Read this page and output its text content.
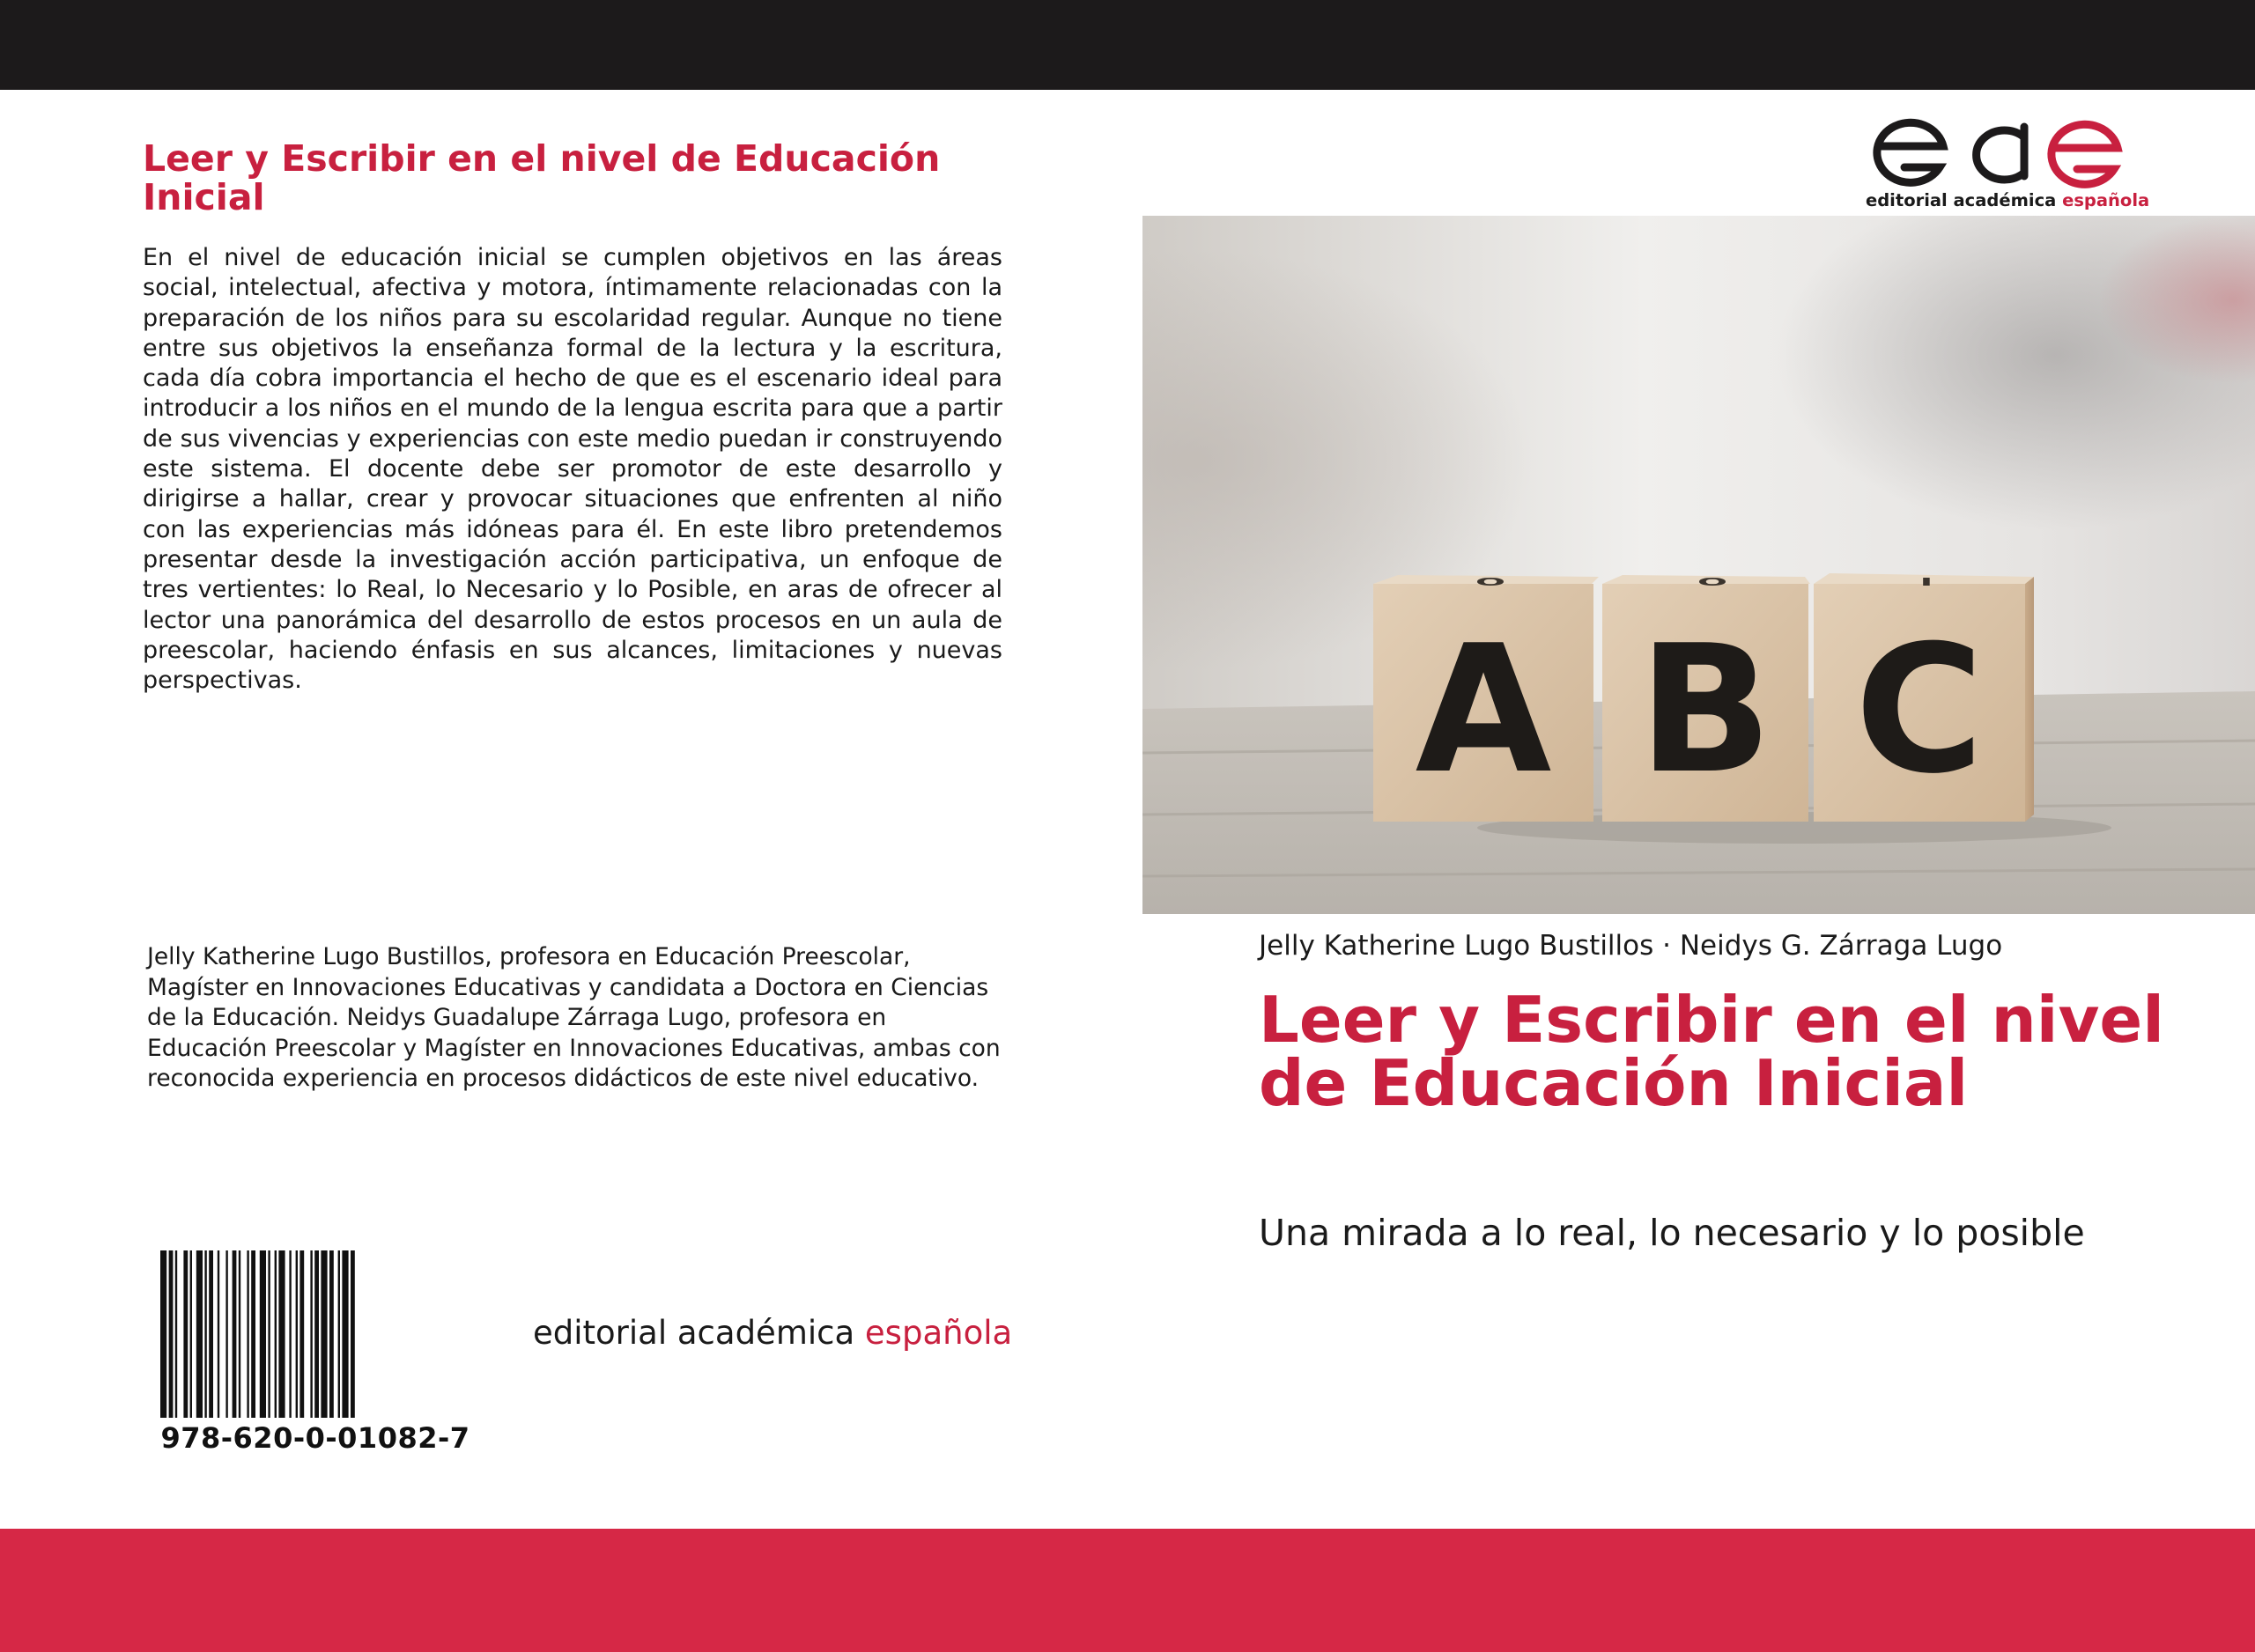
Leer y Escribir en el nivel de Educación Inicial

En el nivel de educación inicial se cumplen objetivos en las áreas social, intelectual, afectiva y motora, íntimamente relacionadas con la preparación de los niños para su escolaridad regular. Aunque no tiene entre sus objetivos la enseñanza formal de la lectura y la escritura, cada día cobra importancia el hecho de que es el escenario ideal para introducir a los niños en el mundo de la lengua escrita para que a partir de sus vivencias y experiencias con este medio puedan ir construyendo este sistema. El docente debe ser promotor de este desarrollo y dirigirse a hallar, crear y provocar situaciones que enfrenten al niño con las experiencias más idóneas para él. En este libro pretendemos presentar desde la investigación acción participativa, un enfoque de tres vertientes: lo Real, lo Necesario y lo Posible, en aras de ofrecer al lector una panorámica del desarrollo de estos procesos en un aula de preescolar, haciendo énfasis en sus alcances, limitaciones y nuevas perspectivas.

Jelly Katherine Lugo Bustillos, profesora en Educación Preescolar, Magíster en Innovaciones Educativas y candidata a Doctora en Ciencias de la Educación. Neidys Guadalupe Zárraga Lugo, profesora en Educación Preescolar y Magíster en Innovaciones Educativas, ambas con reconocida experiencia en procesos didácticos de este nivel educativo.

978-620-0-01082-7
editorial académica española
editorial académica española
O	O	I
A B C
Jelly Katherine Lugo Bustillos · Neidys G. Zárraga Lugo
Leer y Escribir en el nivel de Educación Inicial

Una mirada a lo real, lo necesario y lo posible
